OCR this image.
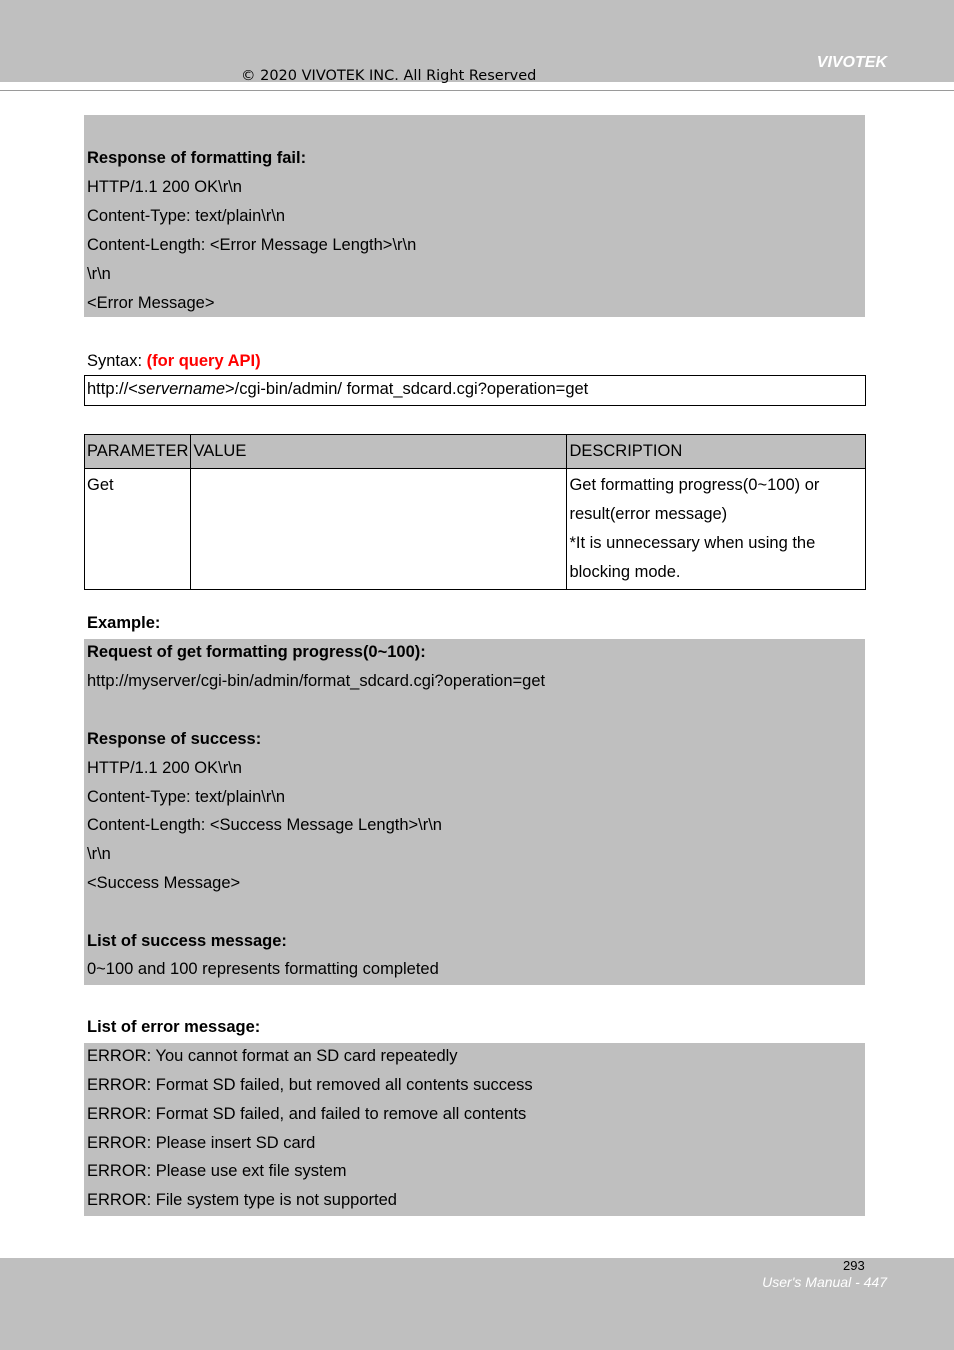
VIVOTEK
© 2020 VIVOTEK INC. All Right Reserved
Response of formatting fail:
HTTP/1.1 200 OK\r\n
Content-Type: text/plain\r\n
Content-Length: <Error Message Length>\r\n
\r\n
<Error Message>
Syntax: (for query API)
http://<servername>/cgi-bin/admin/ format_sdcard.cgi?operation=get
PARAMETER	VALUE	DESCRIPTION
Get		Get formatting progress(0~100) or
result(error message)
*It is unnecessary when using the
blocking mode.
Example:
Request of get formatting progress(0~100):
http://myserver/cgi-bin/admin/format_sdcard.cgi?operation=get
Response of success:
HTTP/1.1 200 OK\r\n
Content-Type: text/plain\r\n
Content-Length: <Success Message Length>\r\n
\r\n
<Success Message>
List of success message:
0~100 and 100 represents formatting completed
List of error message:
ERROR: You cannot format an SD card repeatedly
ERROR: Format SD failed, but removed all contents success
ERROR: Format SD failed, and failed to remove all contents
ERROR: Please insert SD card
ERROR: Please use ext file system
ERROR: File system type is not supported
293
User's Manual - 447
